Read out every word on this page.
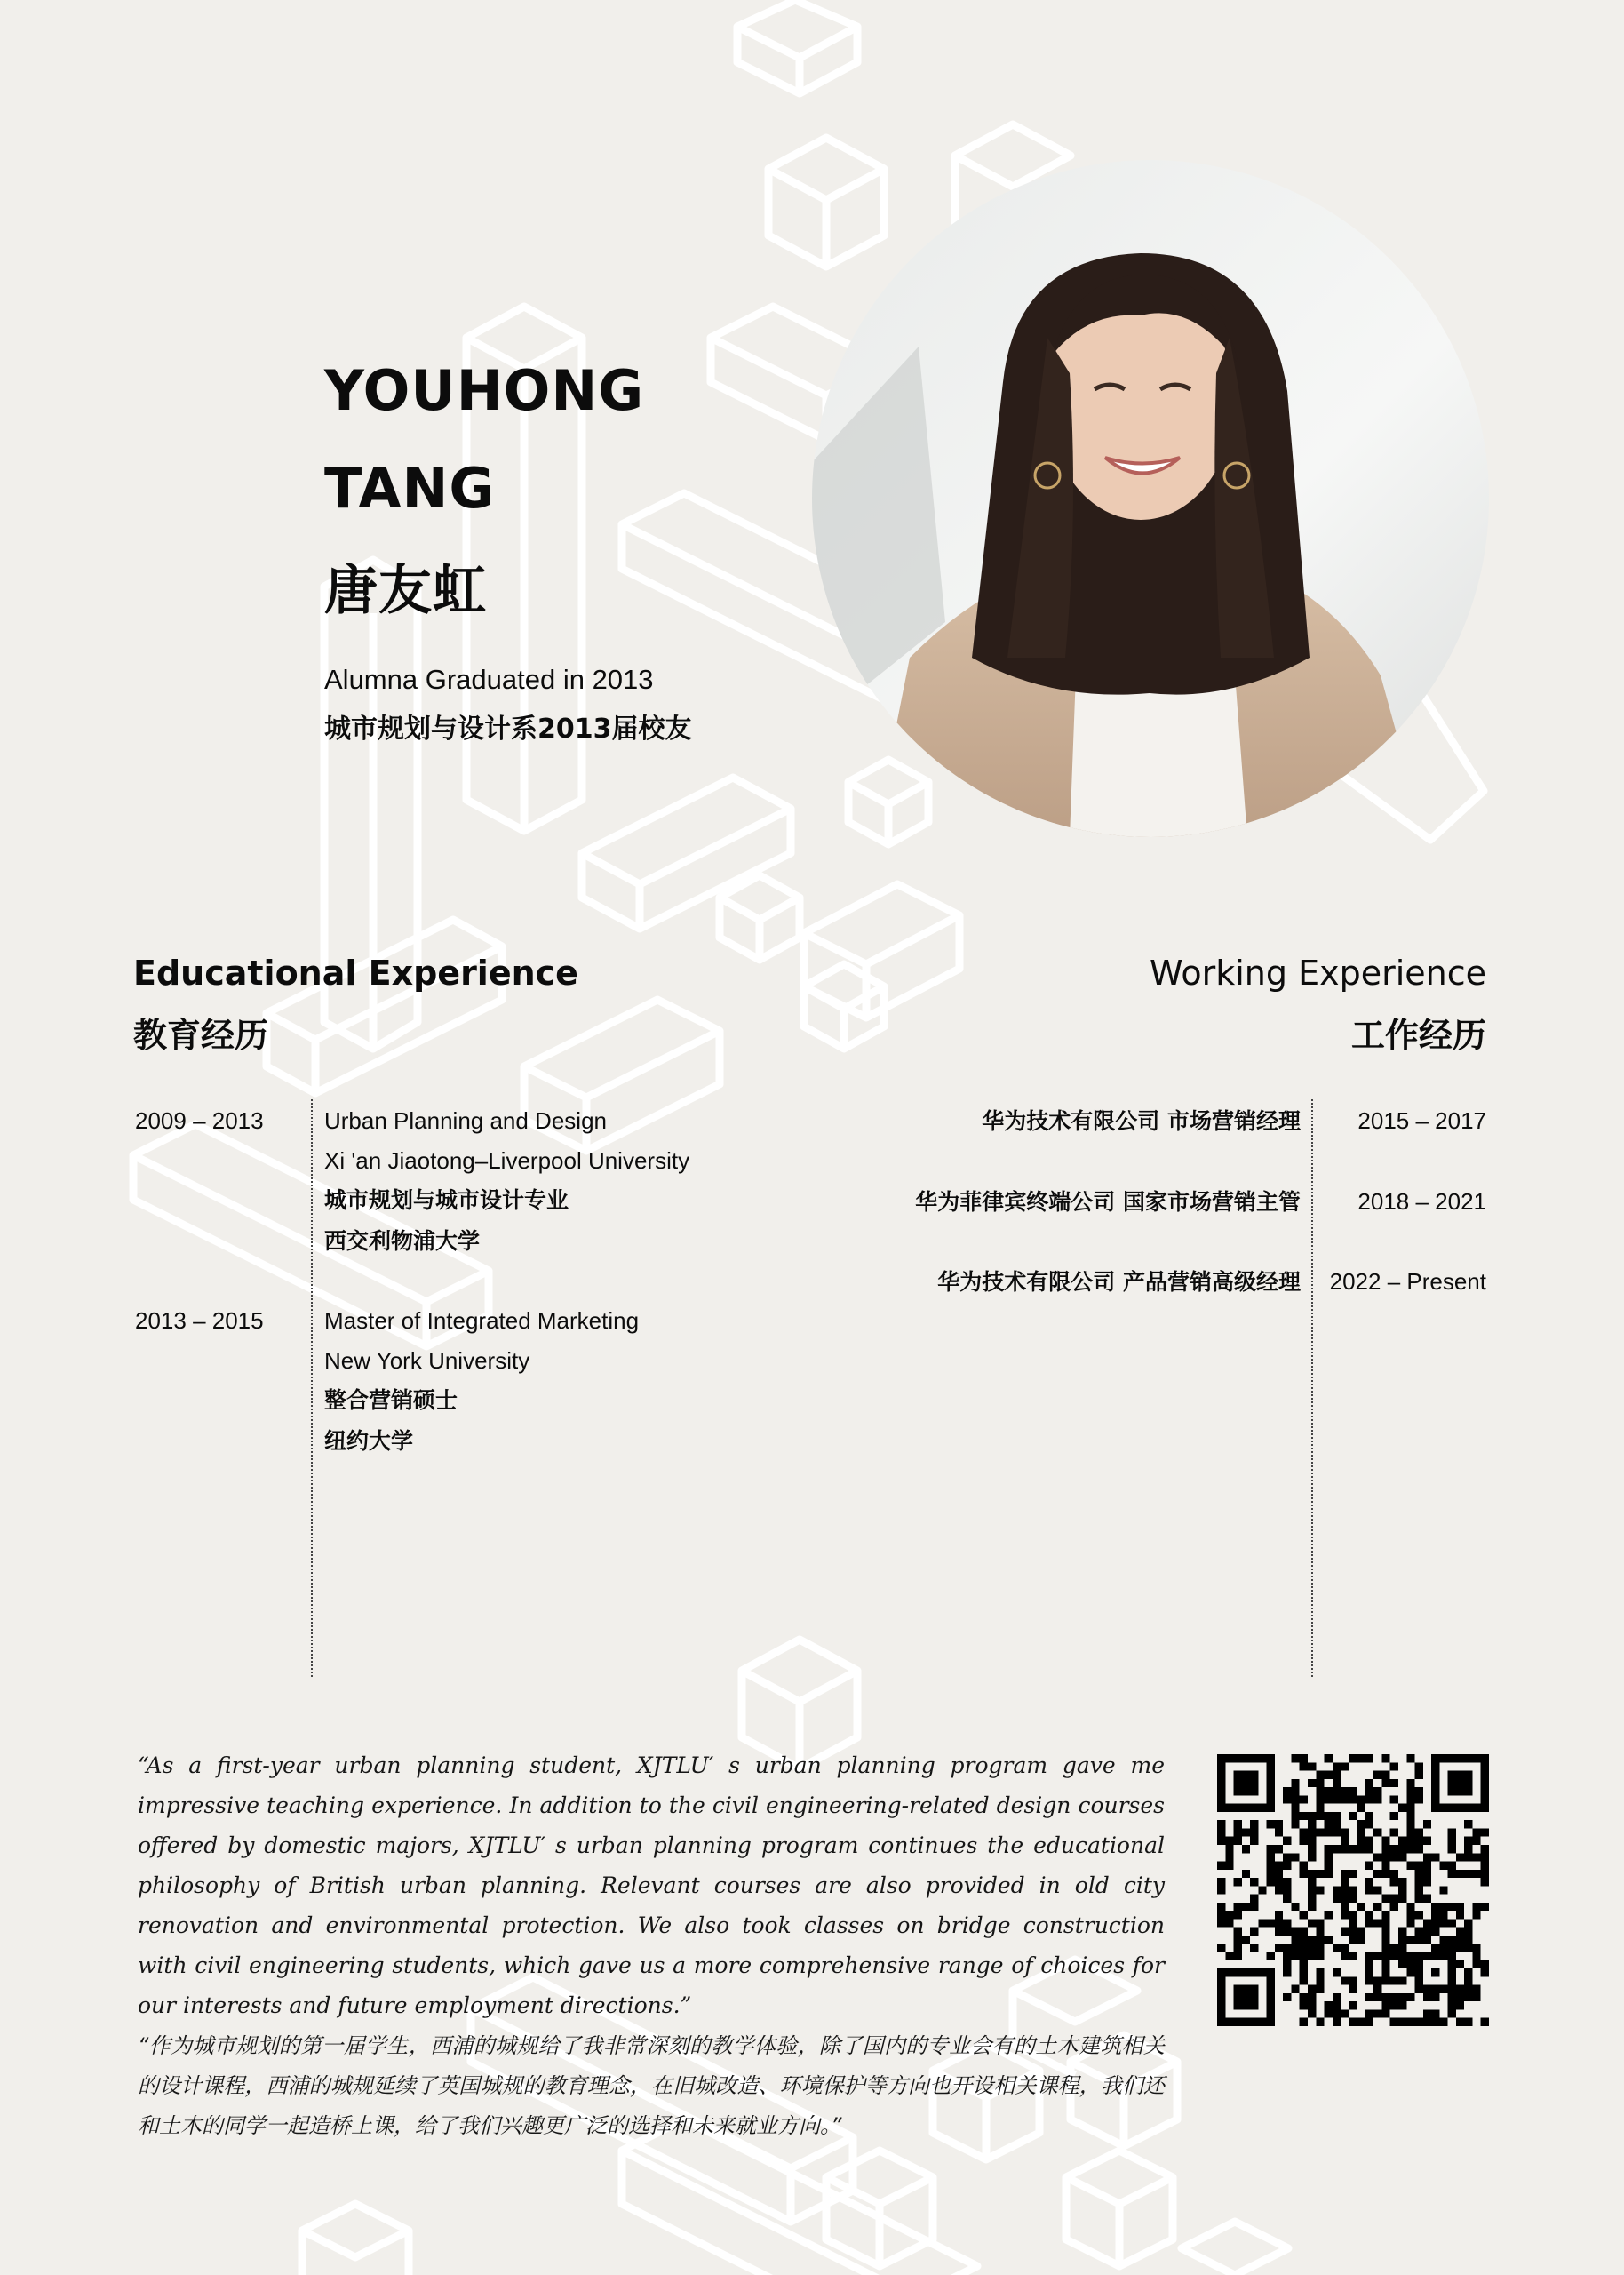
YOUHONG
TANG
唐友虹
Alumna Graduated in 2013
城市规划与设计系2013届校友
Educational Experience
教育经历
2009 – 2013	Urban Planning and Design
Xi 'an Jiaotong–Liverpool University
城市规划与城市设计专业
西交利物浦大学
2013 – 2015	Master of Integrated Marketing
New York University
整合营销硕士
纽约大学
Working Experience
工作经历
华为技术有限公司 市场营销经理 2015 – 2017
华为菲律宾终端公司 国家市场营销主管 2018 – 2021
华为技术有限公司 产品营销高级经理 2022 – Present
“As a first-year urban planning student, XJTLU′ s urban planning program gave me impressive teaching experience. In addition to the civil engineering-related design courses offered by domestic majors, XJTLU′ s urban planning program continues the educational philosophy of British urban planning. Relevant courses are also provided in old city renovation and environmental protection. We also took classes on bridge construction with civil engineering students, which gave us a more comprehensive range of choices for our interests and future employment directions.”
“作为城市规划的第一届学生，西浦的城规给了我非常深刻的教学体验，除了国内的专业会有的土木建筑相关的设计课程，西浦的城规延续了英国城规的教育理念，在旧城改造、环境保护等方向也开设相关课程，我们还和土木的同学一起造桥上课，给了我们兴趣更广泛的选择和未来就业方向。”
